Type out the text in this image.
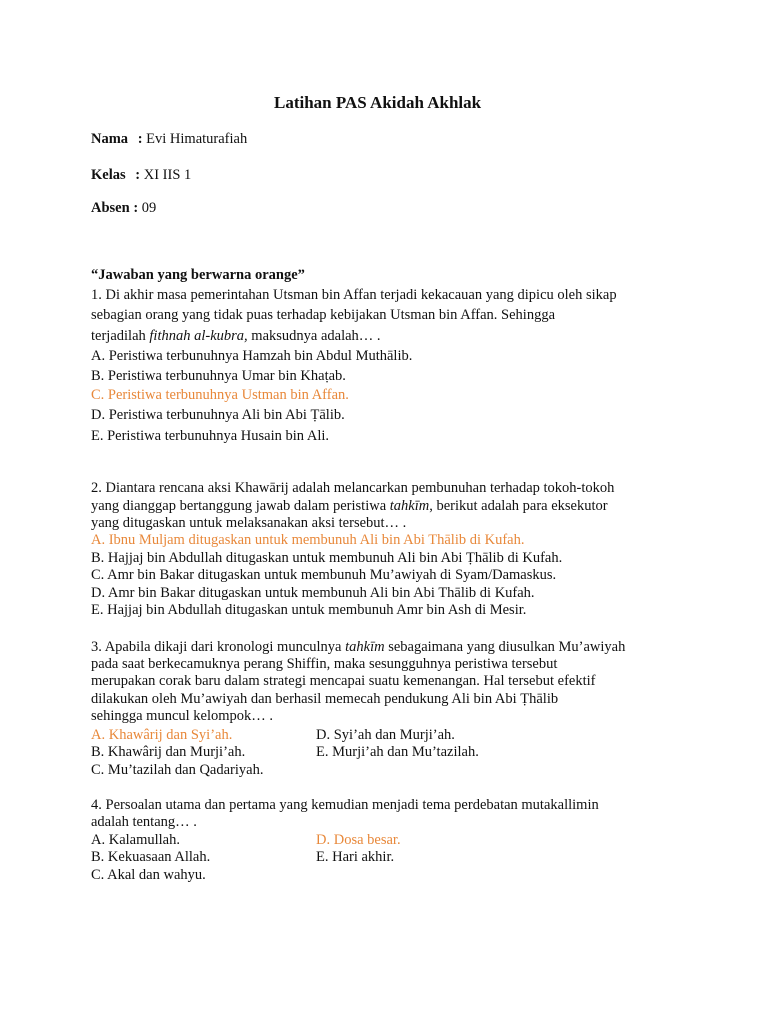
Latihan PAS Akidah Akhlak
Nama : Evi Himaturafiah
Kelas : XI IIS 1
Absen : 09
“Jawaban yang berwarna orange”
1. Di akhir masa pemerintahan Utsman bin Affan terjadi kekacauan yang dipicu oleh sikap
sebagian orang yang tidak puas terhadap kebijakan Utsman bin Affan. Sehingga
terjadilah fithnah al-kubra, maksudnya adalah… .
A. Peristiwa terbunuhnya Hamzah bin Abdul Muthālib.
B. Peristiwa terbunuhnya Umar bin Khaṭab.
C. Peristiwa terbunuhnya Ustman bin Affan.
D. Peristiwa terbunuhnya Ali bin Abi Ṭālib.
E. Peristiwa terbunuhnya Husain bin Ali.
2. Diantara rencana aksi Khawārij adalah melancarkan pembunuhan terhadap tokoh-tokoh
yang dianggap bertanggung jawab dalam peristiwa tahkīm, berikut adalah para eksekutor
yang ditugaskan untuk melaksanakan aksi tersebut… .
A. Ibnu Muljam ditugaskan untuk membunuh Ali bin Abi Thālib di Kufah.
B. Hajjaj bin Abdullah ditugaskan untuk membunuh Ali bin Abi Ṭhālib di Kufah.
C. Amr bin Bakar ditugaskan untuk membunuh Mu’awiyah di Syam/Damaskus.
D. Amr bin Bakar ditugaskan untuk membunuh Ali bin Abi Thālib di Kufah.
E. Hajjaj bin Abdullah ditugaskan untuk membunuh Amr bin Ash di Mesir.
3. Apabila dikaji dari kronologi munculnya tahkīm sebagaimana yang diusulkan Mu’awiyah
pada saat berkecamuknya perang Shiffin, maka sesungguhnya peristiwa tersebut
merupakan corak baru dalam strategi mencapai suatu kemenangan. Hal tersebut efektif
dilakukan oleh Mu’awiyah dan berhasil memecah pendukung Ali bin Abi Ṭhālib
sehingga muncul kelompok… .
A. Khawârij dan Syi’ah.	D. Syi’ah dan Murji’ah.
B. Khawârij dan Murji’ah.	E. Murji’ah dan Mu’tazilah.
C. Mu’tazilah dan Qadariyah.
4. Persoalan utama dan pertama yang kemudian menjadi tema perdebatan mutakallimin
adalah tentang… .
A. Kalamullah.	D. Dosa besar.
B. Kekuasaan Allah.	E. Hari akhir.
C. Akal dan wahyu.
